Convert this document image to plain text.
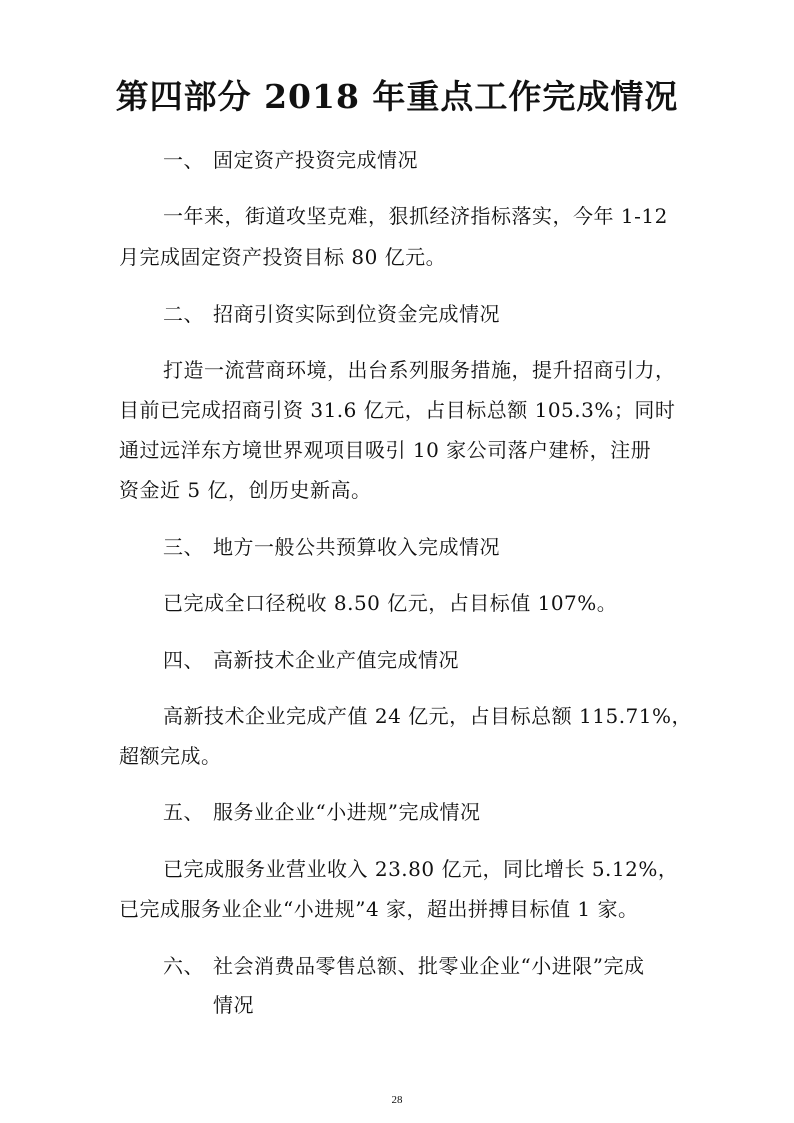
第四部分 2018 年重点工作完成情况
一、 固定资产投资完成情况
一年来，街道攻坚克难，狠抓经济指标落实，今年 1-12
月完成固定资产投资目标 80 亿元。
二、 招商引资实际到位资金完成情况
打造一流营商环境，出台系列服务措施，提升招商引力，
目前已完成招商引资 31.6 亿元，占目标总额 105.3%；同时
通过远洋东方境世界观项目吸引 10 家公司落户建桥，注册
资金近 5 亿，创历史新高。
三、 地方一般公共预算收入完成情况
已完成全口径税收 8.50 亿元，占目标值 107%。
四、 高新技术企业产值完成情况
高新技术企业完成产值 24 亿元，占目标总额 115.71%，
超额完成。
五、 服务业企业“小进规”完成情况
已完成服务业营业收入 23.80 亿元，同比增长 5.12%，
已完成服务业企业“小进规”4 家，超出拼搏目标值 1 家。
六、 社会消费品零售总额、批零业企业“小进限”完成
情况
28
